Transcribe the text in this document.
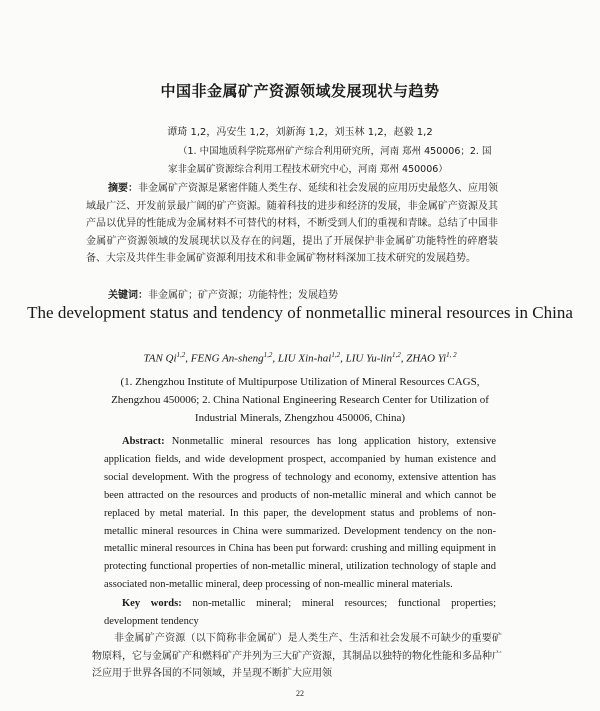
中国非金属矿产资源领域发展现状与趋势
谭琦 1,2，冯安生 1,2，刘新海 1,2，刘玉林 1,2，赵毅 1,2
（1. 中国地质科学院郑州矿产综合利用研究所，河南 郑州 450006；2. 国
家非金属矿资源综合利用工程技术研究中心，河南 郑州 450006）
摘要：非金属矿产资源是紧密伴随人类生存、延续和社会发展的应用历史最悠久、应用领域最广泛、开发前景最广阔的矿产资源。随着科技的进步和经济的发展，非金属矿产资源及其产品以优异的性能成为金属材料不可替代的材料，不断受到人们的重视和青睐。总结了中国非金属矿产资源领域的发展现状以及存在的问题，提出了开展保护非金属矿功能特性的碎磨装备、大宗及共伴生非金属矿资源利用技术和非金属矿物材料深加工技术研究的发展趋势。
关键词：非金属矿；矿产资源；功能特性；发展趋势
The development status and tendency of nonmetallic mineral resources in China
TAN Qi$^{1,2}$, FENG An-sheng$^{1,2}$, LIU Xin-hai$^{1,2}$, LIU Yu-lin$^{1,2}$, ZHAO Yi$^{1, 2}$
(1. Zhengzhou Institute of Multipurpose Utilization of Mineral Resources CAGS, Zhengzhou 450006; 2. China National Engineering Research Center for Utilization of Industrial Minerals, Zhengzhou 450006, China)
Abstract: Nonmetallic mineral resources has long application history, extensive application fields, and wide development prospect, accompanied by human existence and social development. With the progress of technology and economy, extensive attention has been attracted on the resources and products of non-metallic mineral and which cannot be replaced by metal material. In this paper, the development status and problems of non-metallic mineral resources in China were summarized. Development tendency on the non-metallic mineral resources in China has been put forward: crushing and milling equipment in protecting functional properties of non-metallic mineral, utilization technology of staple and associated non-metallic mineral, deep processing of non-meallic mineral materials.
Key words: non-metallic mineral; mineral resources; functional properties; development tendency
非金属矿产资源（以下简称非金属矿）是人类生产、生活和社会发展不可缺少的重要矿物原料，它与金属矿产和燃料矿产并列为三大矿产资源，其制品以独特的物化性能和多品种广泛应用于世界各国的不同领域，并呈现不断扩大应用领
22
